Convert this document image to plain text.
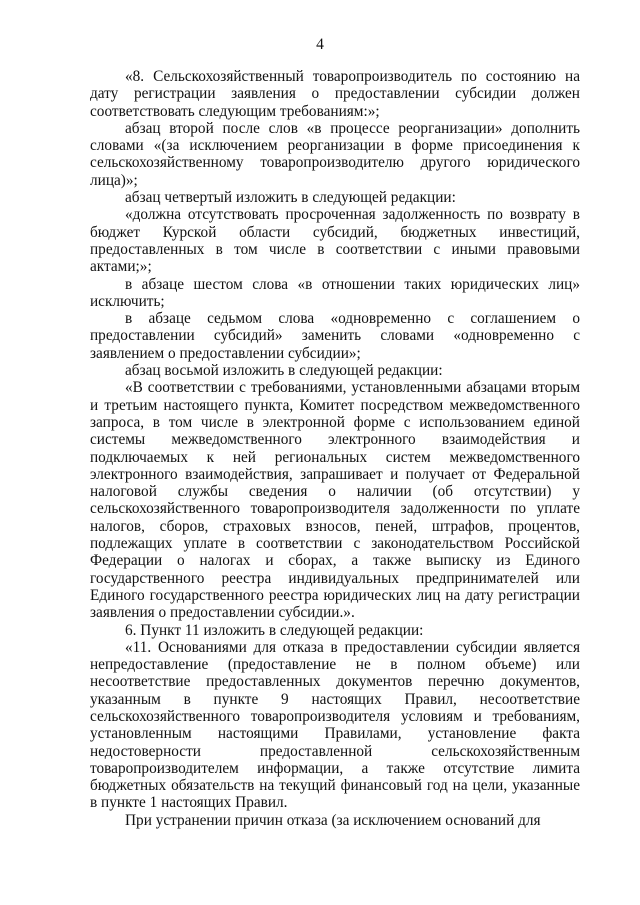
4

«8. Сельскохозяйственный товаропроизводитель по состоянию на дату регистрации заявления о предоставлении субсидии должен соответствовать следующим требованиям:»;

абзац второй после слов «в процессе реорганизации» дополнить словами «(за исключением реорганизации в форме присоединения к сельскохозяйственному товаропроизводителю другого юридического лица)»;

абзац четвертый изложить в следующей редакции:

«должна отсутствовать просроченная задолженность по возврату в бюджет Курской области субсидий, бюджетных инвестиций, предоставленных в том числе в соответствии с иными правовыми актами;»;

в абзаце шестом слова «в отношении таких юридических лиц» исключить;

в абзаце седьмом слова «одновременно с соглашением о предоставлении субсидий» заменить словами «одновременно с заявлением о предоставлении субсидии»;

абзац восьмой изложить в следующей редакции:

«В соответствии с требованиями, установленными абзацами вторым и третьим настоящего пункта, Комитет посредством межведомственного запроса, в том числе в электронной форме с использованием единой системы межведомственного электронного взаимодействия и подключаемых к ней региональных систем межведомственного электронного взаимодействия, запрашивает и получает от Федеральной налоговой службы сведения о наличии (об отсутствии) у сельскохозяйственного товаропроизводителя задолженности по уплате налогов, сборов, страховых взносов, пеней, штрафов, процентов, подлежащих уплате в соответствии с законодательством Российской Федерации о налогах и сборах, а также выписку из Единого государственного реестра индивидуальных предпринимателей или Единого государственного реестра юридических лиц на дату регистрации заявления о предоставлении субсидии.».

6. Пункт 11 изложить в следующей редакции:

«11. Основаниями для отказа в предоставлении субсидии является непредоставление (предоставление не в полном объеме) или несоответствие предоставленных документов перечню документов, указанным в пункте 9 настоящих Правил, несоответствие сельскохозяйственного товаропроизводителя условиям и требованиям, установленным настоящими Правилами, установление факта недостоверности предоставленной сельскохозяйственным товаропроизводителем информации, а также отсутствие лимита бюджетных обязательств на текущий финансовый год на цели, указанные в пункте 1 настоящих Правил.

При устранении причин отказа (за исключением оснований для
